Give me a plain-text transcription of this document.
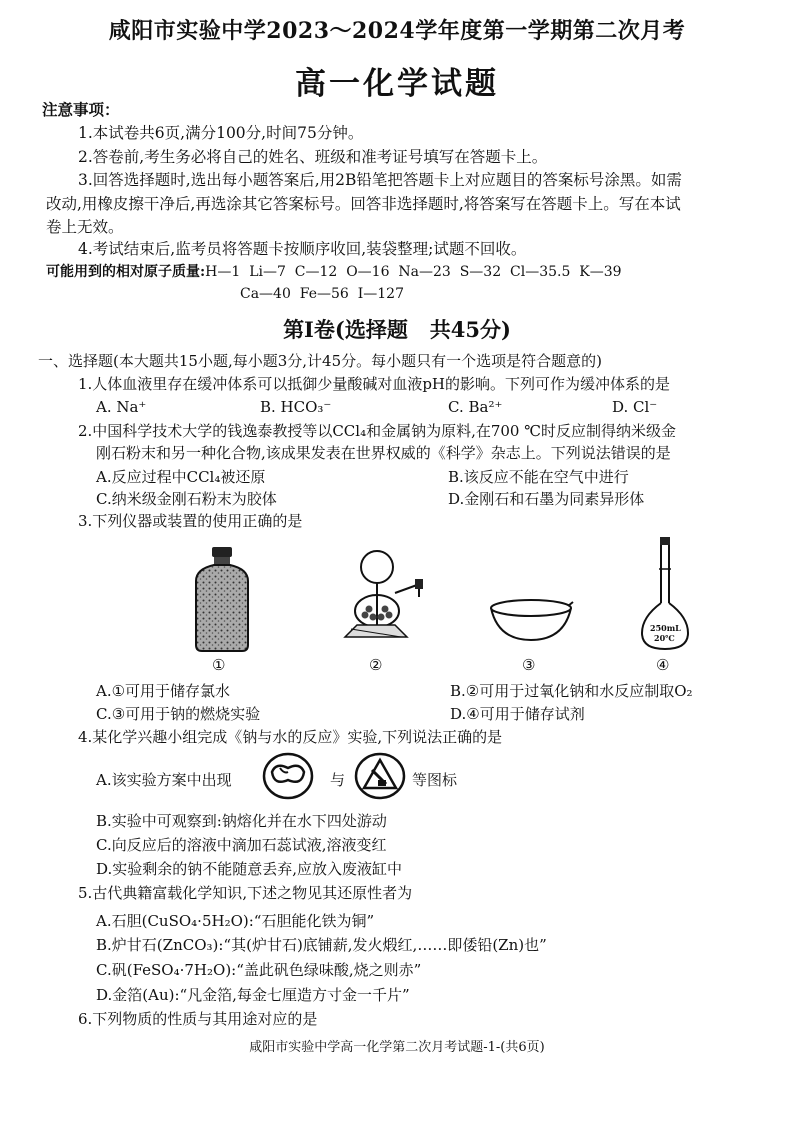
咸阳市实验中学2023～2024学年度第一学期第二次月考
高一化学试题
注意事项：
1.本试卷共6页,满分100分,时间75分钟。
2.答卷前,考生务必将自己的姓名、班级和准考证号填写在答题卡上。
3.回答选择题时,选出每小题答案后,用2B铅笔把答题卡上对应题目的答案标号涂黑。如需
改动,用橡皮擦干净后,再选涂其它答案标号。回答非选择题时,将答案写在答题卡上。写在本试
卷上无效。
4.考试结束后,监考员将答题卡按顺序收回,装袋整理;试题不回收。
可能用到的相对原子质量:H—1  Li—7  C—12  O—16  Na—23  S—32  Cl—35.5  K—39
Ca—40  Fe—56  I—127
第Ⅰ卷(选择题   共45分)
一、选择题(本大题共15小题,每小题3分,计45分。每小题只有一个选项是符合题意的)
1.人体血液里存在缓冲体系可以抵御少量酸碱对血液pH的影响。下列可作为缓冲体系的是
A. Na⁺	B. HCO₃⁻	C. Ba²⁺	D. Cl⁻
2.中国科学技术大学的钱逸泰教授等以CCl₄和金属钠为原料,在700 ℃时反应制得纳米级金
刚石粉末和另一种化合物,该成果发表在世界权威的《科学》杂志上。下列说法错误的是
A.反应过程中CCl₄被还原	B.该反应不能在空气中进行
C.纳米级金刚石粉末为胶体	D.金刚石和石墨为同素异形体
3.下列仪器或装置的使用正确的是
①	②	③
250mL
20℃
④
A.①可用于储存氯水	B.②可用于过氧化钠和水反应制取O₂
C.③可用于钠的燃烧实验	D.④可用于储存试剂
4.某化学兴趣小组完成《钠与水的反应》实验,下列说法正确的是
A.该实验方案中出现	与	等图标
B.实验中可观察到:钠熔化并在水下四处游动
C.向反应后的溶液中滴加石蕊试液,溶液变红
D.实验剩余的钠不能随意丢弃,应放入废液缸中
5.古代典籍富载化学知识,下述之物见其还原性者为
A.石胆(CuSO₄·5H₂O):“石胆能化铁为铜”
B.炉甘石(ZnCO₃):“其(炉甘石)底铺薪,发火煅红,……即倭铅(Zn)也”
C.矾(FeSO₄·7H₂O):“盖此矾色绿味酸,烧之则赤”
D.金箔(Au):“凡金箔,每金七厘造方寸金一千片”
6.下列物质的性质与其用途对应的是
咸阳市实验中学高一化学第二次月考试题-1-(共6页)
